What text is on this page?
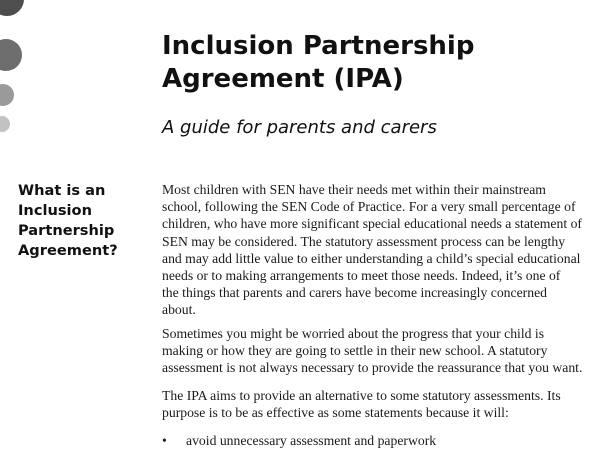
Inclusion Partnership
Agreement (IPA)

A guide for parents and carers

What is an
Inclusion
Partnership
Agreement?

Most children with SEN have their needs met within their mainstream
school, following the SEN Code of Practice. For a very small percentage of
children, who have more significant special educational needs a statement of
SEN may be considered. The statutory assessment process can be lengthy
and may add little value to either understanding a child’s special educational
needs or to making arrangements to meet those needs. Indeed, it’s one of
the things that parents and carers have become increasingly concerned
about.

Sometimes you might be worried about the progress that your child is
making or how they are going to settle in their new school. A statutory
assessment is not always necessary to provide the reassurance that you want.

The IPA aims to provide an alternative to some statutory assessments. Its
purpose is to be as effective as some statements because it will:

• avoid unnecessary assessment and paperwork
